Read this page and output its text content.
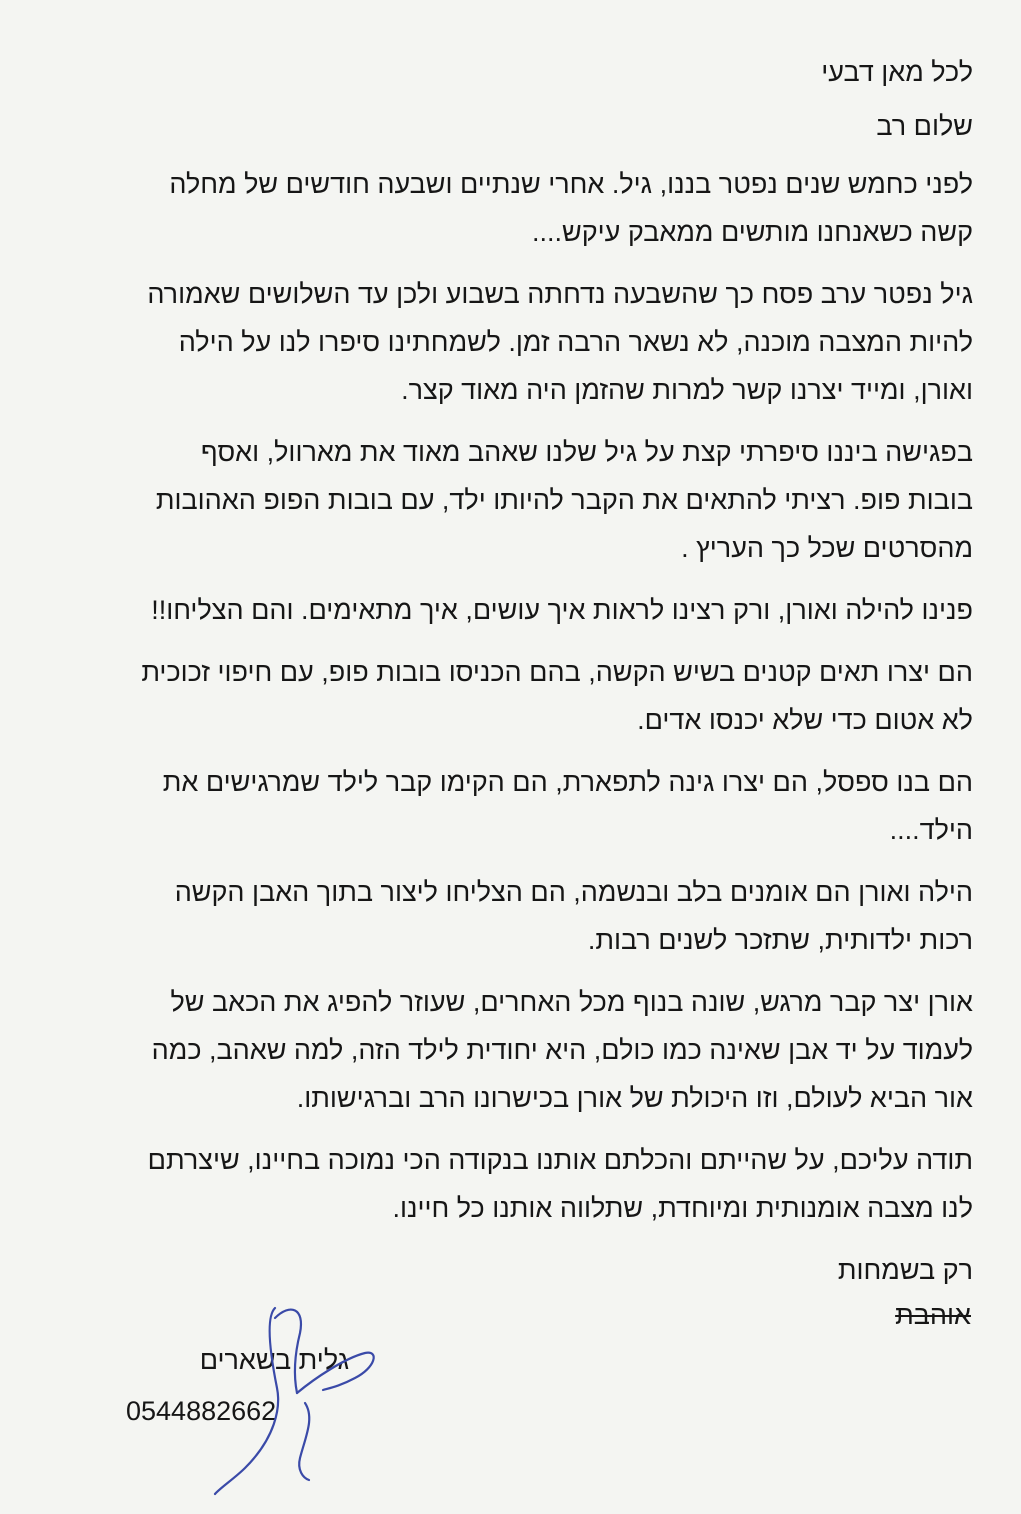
לכל מאן דבעי

שלום רב

לפני כחמש שנים נפטר בננו, גיל. אחרי שנתיים ושבעה חודשים של מחלה קשה כשאנחנו מותשים ממאבק עיקש....

גיל נפטר ערב פסח כך שהשבעה נדחתה בשבוע ולכן עד השלושים שאמורה להיות המצבה מוכנה, לא נשאר הרבה זמן. לשמחתינו סיפרו לנו על הילה ואורן, ומייד יצרנו קשר למרות שהזמן היה מאוד קצר.

בפגישה ביננו סיפרתי קצת על גיל שלנו שאהב מאוד את מארוול, ואסף בובות פופ. רציתי להתאים את הקבר להיותו ילד, עם בובות הפופ האהובות מהסרטים שכל כך העריץ .

פנינו להילה ואורן, ורק רצינו לראות איך עושים, איך מתאימים. והם הצליחו!!

הם יצרו תאים קטנים בשיש הקשה, בהם הכניסו בובות פופ, עם חיפוי זכוכית לא אטום כדי שלא יכנסו אדים.

הם בנו ספסל, הם יצרו גינה לתפארת, הם הקימו קבר לילד שמרגישים את הילד....

הילה ואורן הם אומנים בלב ובנשמה, הם הצליחו ליצור בתוך האבן הקשה רכות ילדותית, שתזכר לשנים רבות.

אורן יצר קבר מרגש, שונה בנוף מכל האחרים, שעוזר להפיג את הכאב של לעמוד על יד אבן שאינה כמו כולם, היא יחודית לילד הזה, למה שאהב, כמה אור הביא לעולם, וזו היכולת של אורן בכישרונו הרב וברגישותו.

תודה עליכם, על שהייתם והכלתם אותנו בנקודה הכי נמוכה בחיינו, שיצרתם לנו מצבה אומנותית ומיוחדת, שתלווה אותנו כל חיינו.

רק בשמחות

אוהבת

גלית בשארים

0544882662
